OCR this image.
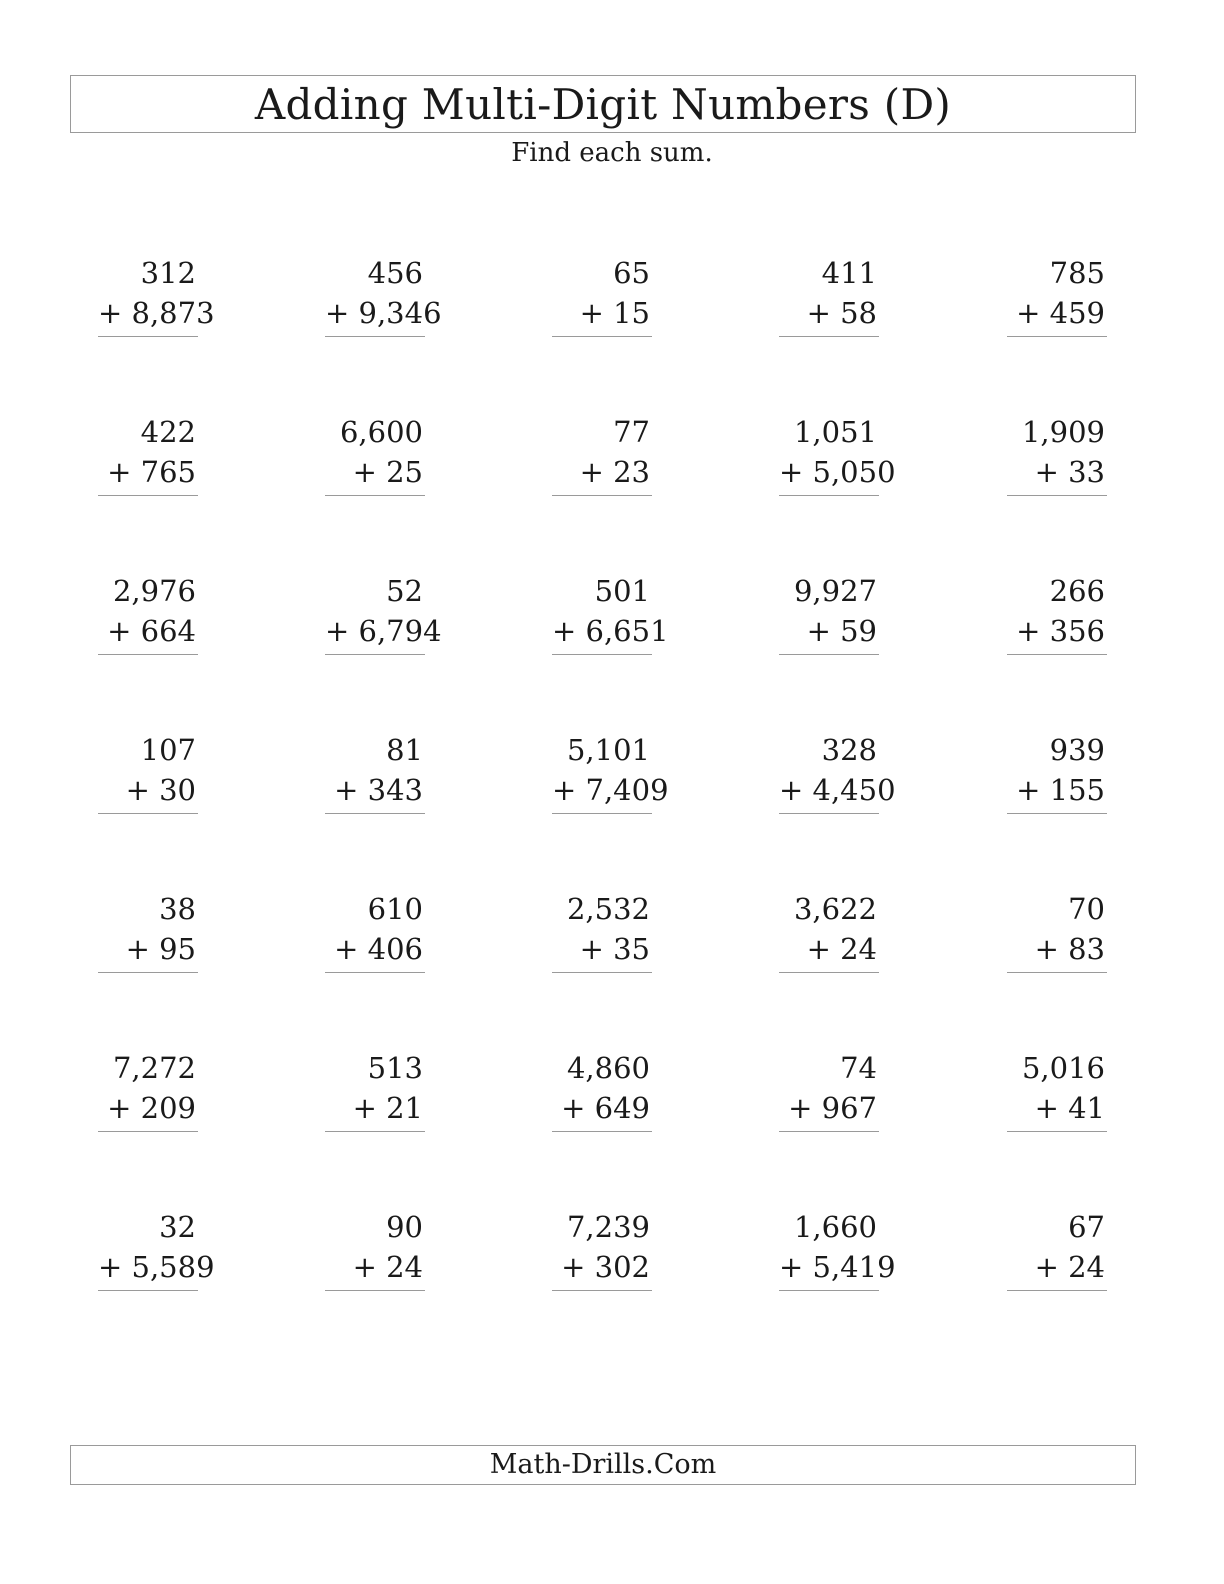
Adding Multi-Digit Numbers (D)

Find each sum.

312
+ 8,873
456
+ 9,346
65
+ 15
411
+ 58
785
+ 459
422
+ 765
6,600
+ 25
77
+ 23
1,051
+ 5,050
1,909
+ 33
2,976
+ 664
52
+ 6,794
501
+ 6,651
9,927
+ 59
266
+ 356
107
+ 30
81
+ 343
5,101
+ 7,409
328
+ 4,450
939
+ 155
38
+ 95
610
+ 406
2,532
+ 35
3,622
+ 24
70
+ 83
7,272
+ 209
513
+ 21
4,860
+ 649
74
+ 967
5,016
+ 41
32
+ 5,589
90
+ 24
7,239
+ 302
1,660
+ 5,419
67
+ 24
Math-Drills.Com
